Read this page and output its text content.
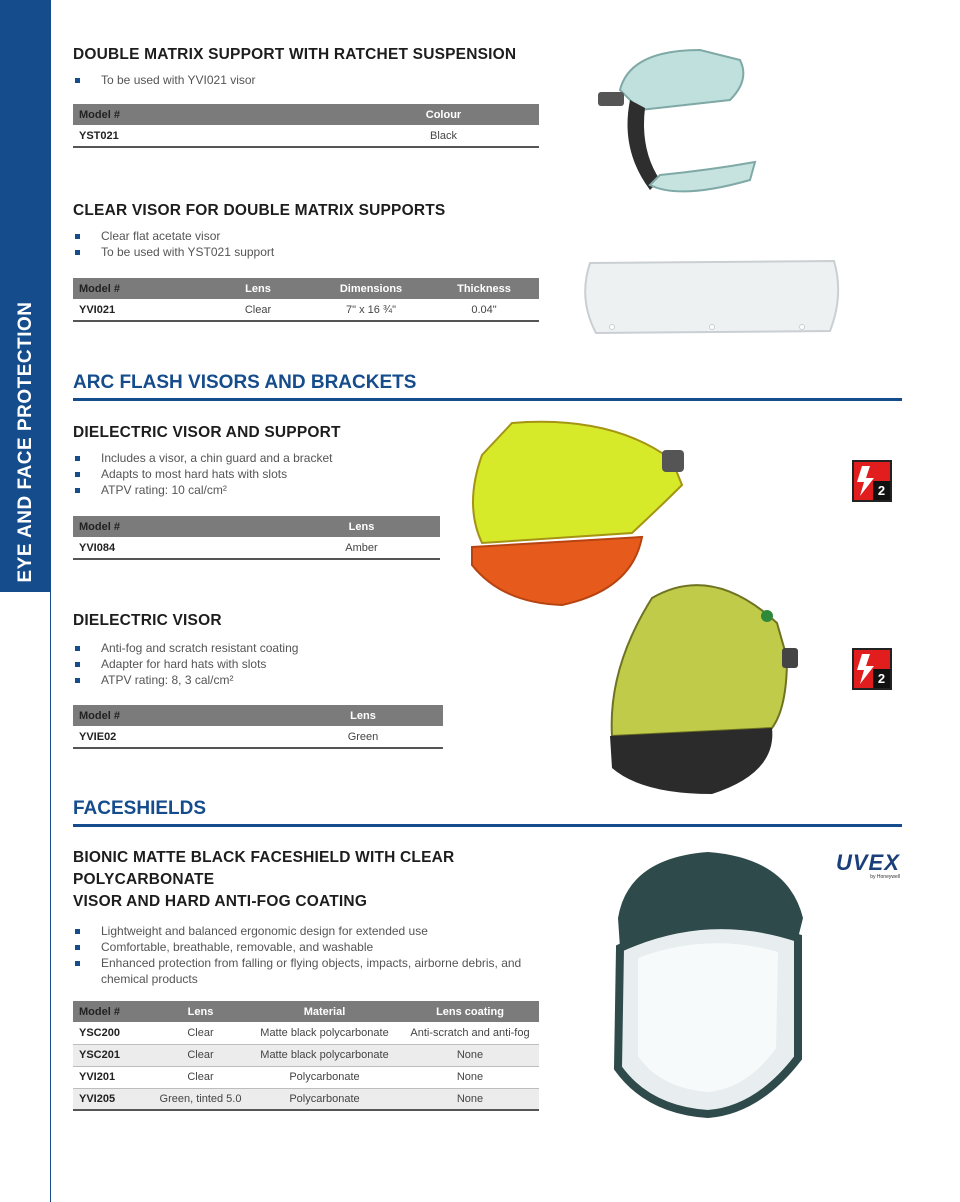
EYE AND FACE PROTECTION
DOUBLE MATRIX SUPPORT WITH RATCHET SUSPENSION
To be used with YVI021 visor
Model #	Colour
YST021	Black
CLEAR VISOR FOR DOUBLE MATRIX SUPPORTS
Clear flat acetate visor
To be used with YST021 support
Model #	Lens	Dimensions	Thickness
YVI021	Clear	7" x 16 ¾"	0.04"
ARC FLASH VISORS AND BRACKETS
DIELECTRIC VISOR AND SUPPORT
Includes a visor, a chin guard and a bracket
Adapts to most hard hats with slots
ATPV rating: 10 cal/cm²
Model #	Lens
YVI084	Amber
2
DIELECTRIC VISOR
Anti-fog and scratch resistant coating
Adapter for hard hats with slots
ATPV rating: 8, 3 cal/cm²
Model #	Lens
YVIE02	Green
2
FACESHIELDS
BIONIC MATTE BLACK FACESHIELD WITH CLEAR POLYCARBONATE
VISOR AND HARD ANTI-FOG COATING
Lightweight and balanced ergonomic design for extended use
Comfortable, breathable, removable, and washable
Enhanced protection from falling or flying objects, impacts, airborne debris, and chemical products
Model #	Lens	Material	Lens coating
YSC200	Clear	Matte black polycarbonate	Anti-scratch and anti-fog
YSC201	Clear	Matte black polycarbonate	None
YVI201	Clear	Polycarbonate	None
YVI205	Green, tinted 5.0	Polycarbonate	None
UVEX
by Honeywell
